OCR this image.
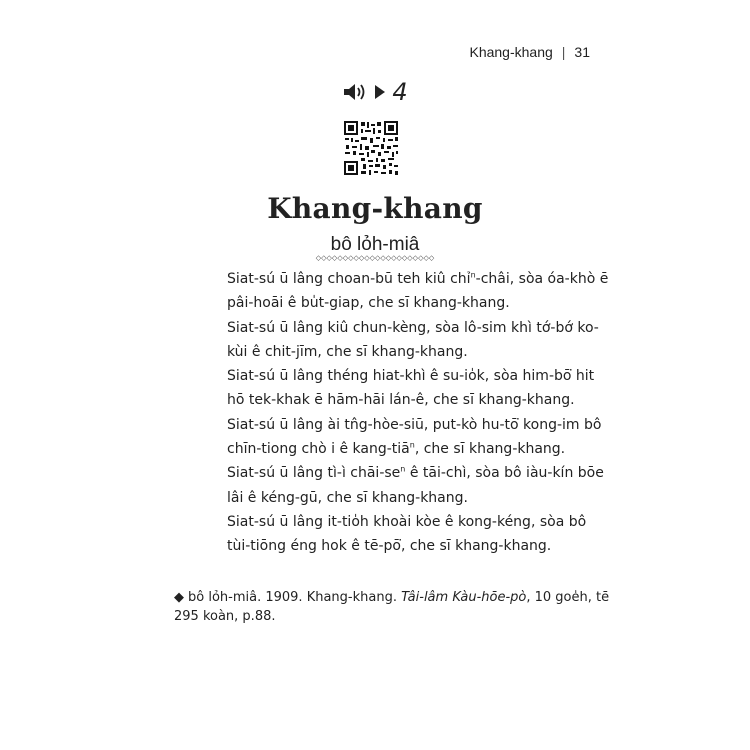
Khang-khang | 31
4
Khang-khang
bô lỏh-miâ
◇◇◇◇◇◇◇◇◇◇◇◇◇◇◇◇◇◇◇◇◇◇

Siat-sú ū lâng choan-bū teh kiû chỉ$^n$-châi, sòa óa-khò ē
pâi-hoāi ê bu̍t-giap, che sī khang-khang.

Siat-sú ū lâng kiû chun-kèng, sòa lô-sim khì tớ-bớ ko-
kùi ê chit-jīm, che sī khang-khang.

Siat-sú ū lâng théng hiat-khì ê su-io̍k, sòa him-bō͘ hit
hō tek-khak ē hām-hāi lán-ê, che sī khang-khang.

Siat-sú ū lâng ài tn̂g-hòe-siū, put-kò hu-tō͘ kong-im bô
chīn-tiong chò i ê kang-tiā$^n$, che sī khang-khang.

Siat-sú ū lâng tì-ì chāi-$se^n$ ê tāi-chì, sòa bô iàu-kín bōe
lâi ê kéng-gū, che sī khang-khang.

Siat-sú ū lâng it-tio̍h khoài kòe ê kong-kéng, sòa bô
tùi-tiōng éng hok ê tē-pō͘, che sī khang-khang.

◆ bô lỏh-miâ. 1909. Khang-khang. Tâi-lâm Kàu-hōe-pò, 10 goe̍h, tē
295 koàn, p.88.
